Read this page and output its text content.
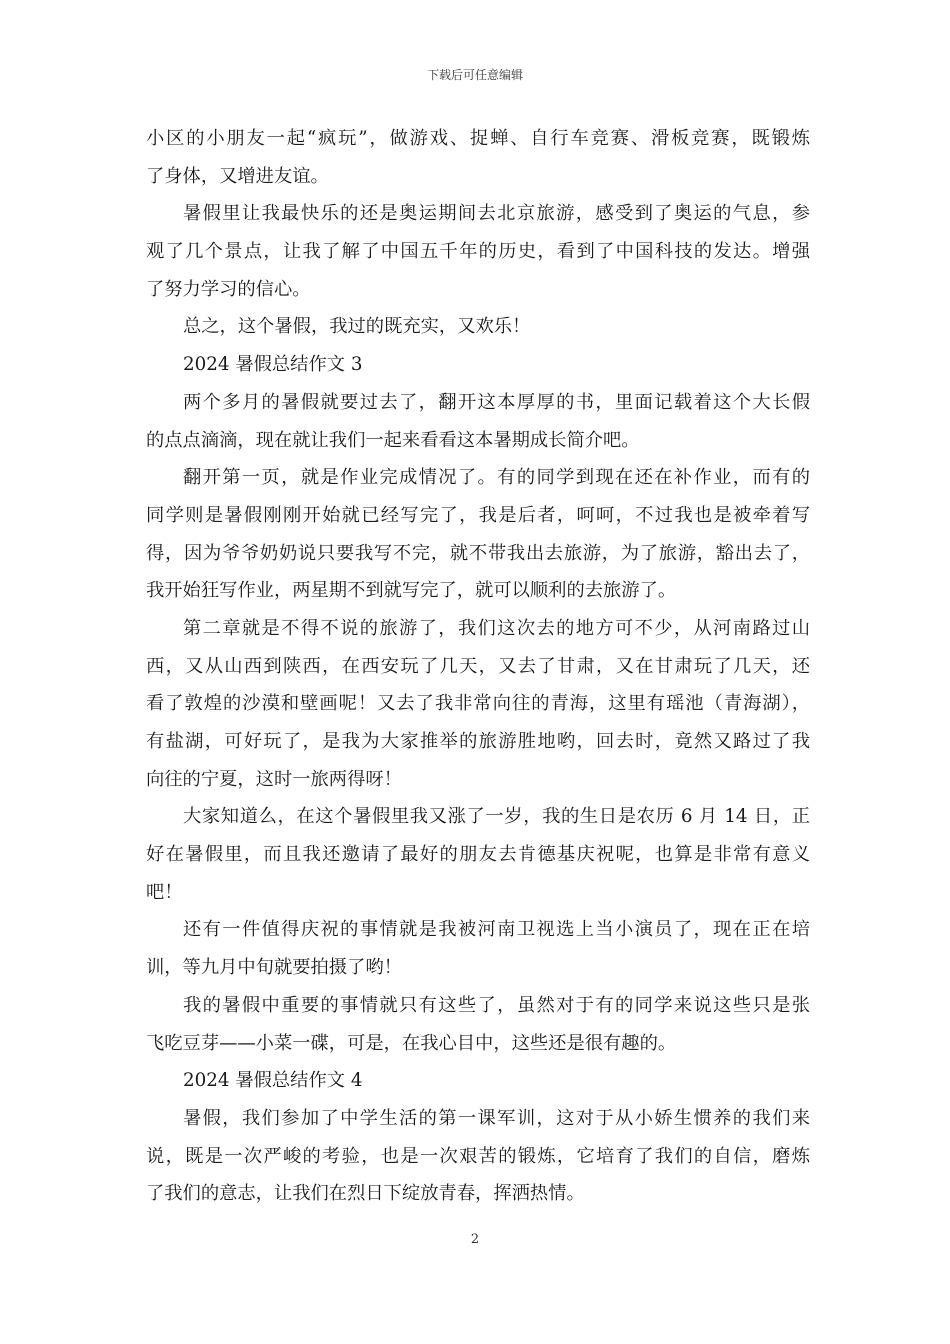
下载后可任意编辑
小区的小朋友一起“疯玩”，做游戏、捉蝉、自行车竞赛、滑板竞赛，既锻炼
了身体，又增进友谊。
暑假里让我最快乐的还是奥运期间去北京旅游，感受到了奥运的气息，参
观了几个景点，让我了解了中国五千年的历史，看到了中国科技的发达。增强
了努力学习的信心。
总之，这个暑假，我过的既充实，又欢乐！
2024 暑假总结作文 3
两个多月的暑假就要过去了，翻开这本厚厚的书，里面记载着这个大长假
的点点滴滴，现在就让我们一起来看看这本暑期成长简介吧。
翻开第一页，就是作业完成情况了。有的同学到现在还在补作业，而有的
同学则是暑假刚刚开始就已经写完了，我是后者，呵呵，不过我也是被牵着写
得，因为爷爷奶奶说只要我写不完，就不带我出去旅游，为了旅游，豁出去了，
我开始狂写作业，两星期不到就写完了，就可以顺利的去旅游了。
第二章就是不得不说的旅游了，我们这次去的地方可不少，从河南路过山
西，又从山西到陕西，在西安玩了几天，又去了甘肃，又在甘肃玩了几天，还
看了敦煌的沙漠和壁画呢！又去了我非常向往的青海，这里有瑶池（青海湖），
有盐湖，可好玩了，是我为大家推举的旅游胜地哟，回去时，竟然又路过了我
向往的宁夏，这时一旅两得呀！
大家知道么，在这个暑假里我又涨了一岁，我的生日是农历 6 月 14 日，正
好在暑假里，而且我还邀请了最好的朋友去肯德基庆祝呢，也算是非常有意义
吧！
还有一件值得庆祝的事情就是我被河南卫视选上当小演员了，现在正在培
训，等九月中旬就要拍摄了哟！
我的暑假中重要的事情就只有这些了，虽然对于有的同学来说这些只是张
飞吃豆芽——小菜一碟，可是，在我心目中，这些还是很有趣的。
2024 暑假总结作文 4
暑假，我们参加了中学生活的第一课军训，这对于从小娇生惯养的我们来
说，既是一次严峻的考验，也是一次艰苦的锻炼，它培育了我们的自信，磨炼
了我们的意志，让我们在烈日下绽放青春，挥洒热情。
2
